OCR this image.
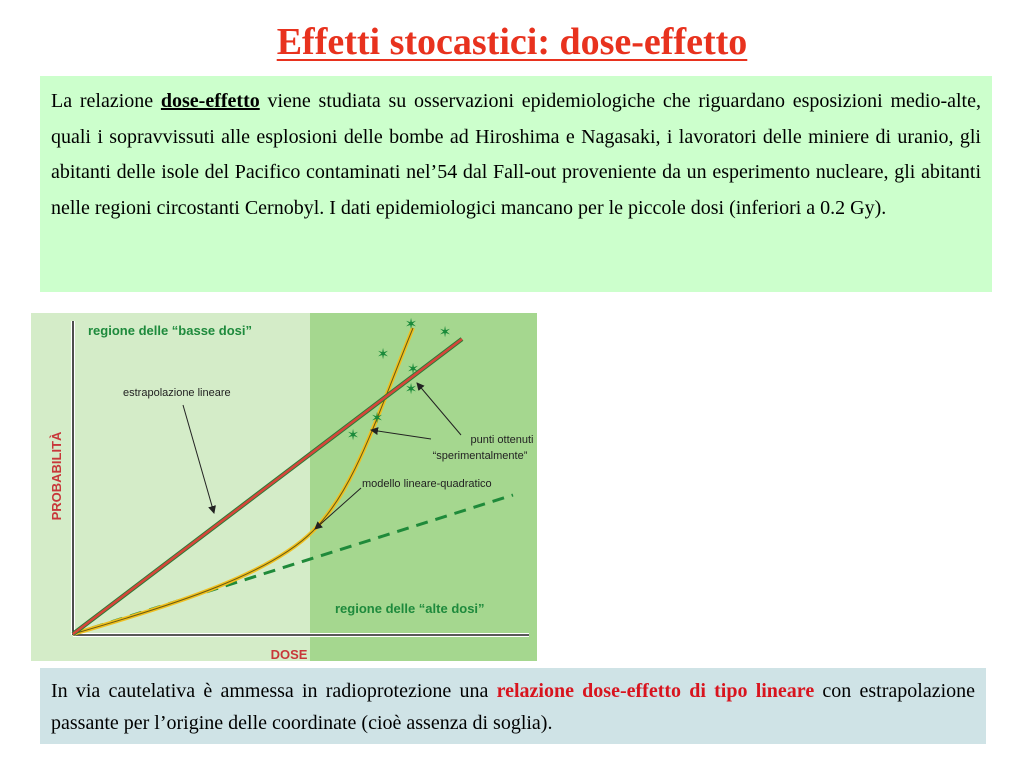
Effetti stocastici: dose-effetto
La relazione dose-effetto viene studiata su osservazioni epidemiologiche che riguardano esposizioni medio-alte, quali i sopravvissuti alle esplosioni delle bombe ad Hiroshima e Nagasaki, i lavoratori delle miniere di uranio, gli abitanti delle isole del Pacifico contaminati nel’54 dal Fall-out proveniente da un esperimento nucleare, gli abitanti nelle regioni circostanti Cernobyl. I dati epidemiologici mancano per le piccole dosi (inferiori a 0.2 Gy).
✶ ✶
✶
✶
✶
✶
✶
regione delle “basse dosi”
regione delle “alte dosi”
estrapolazione lineare
punti ottenuti
“sperimentalmente”
modello lineare-quadratico
PROBABILITÀ
DOSE
In via cautelativa è ammessa in radioprotezione una relazione dose-effetto di tipo lineare con estrapolazione passante per l’origine delle coordinate (cioè assenza di soglia).
